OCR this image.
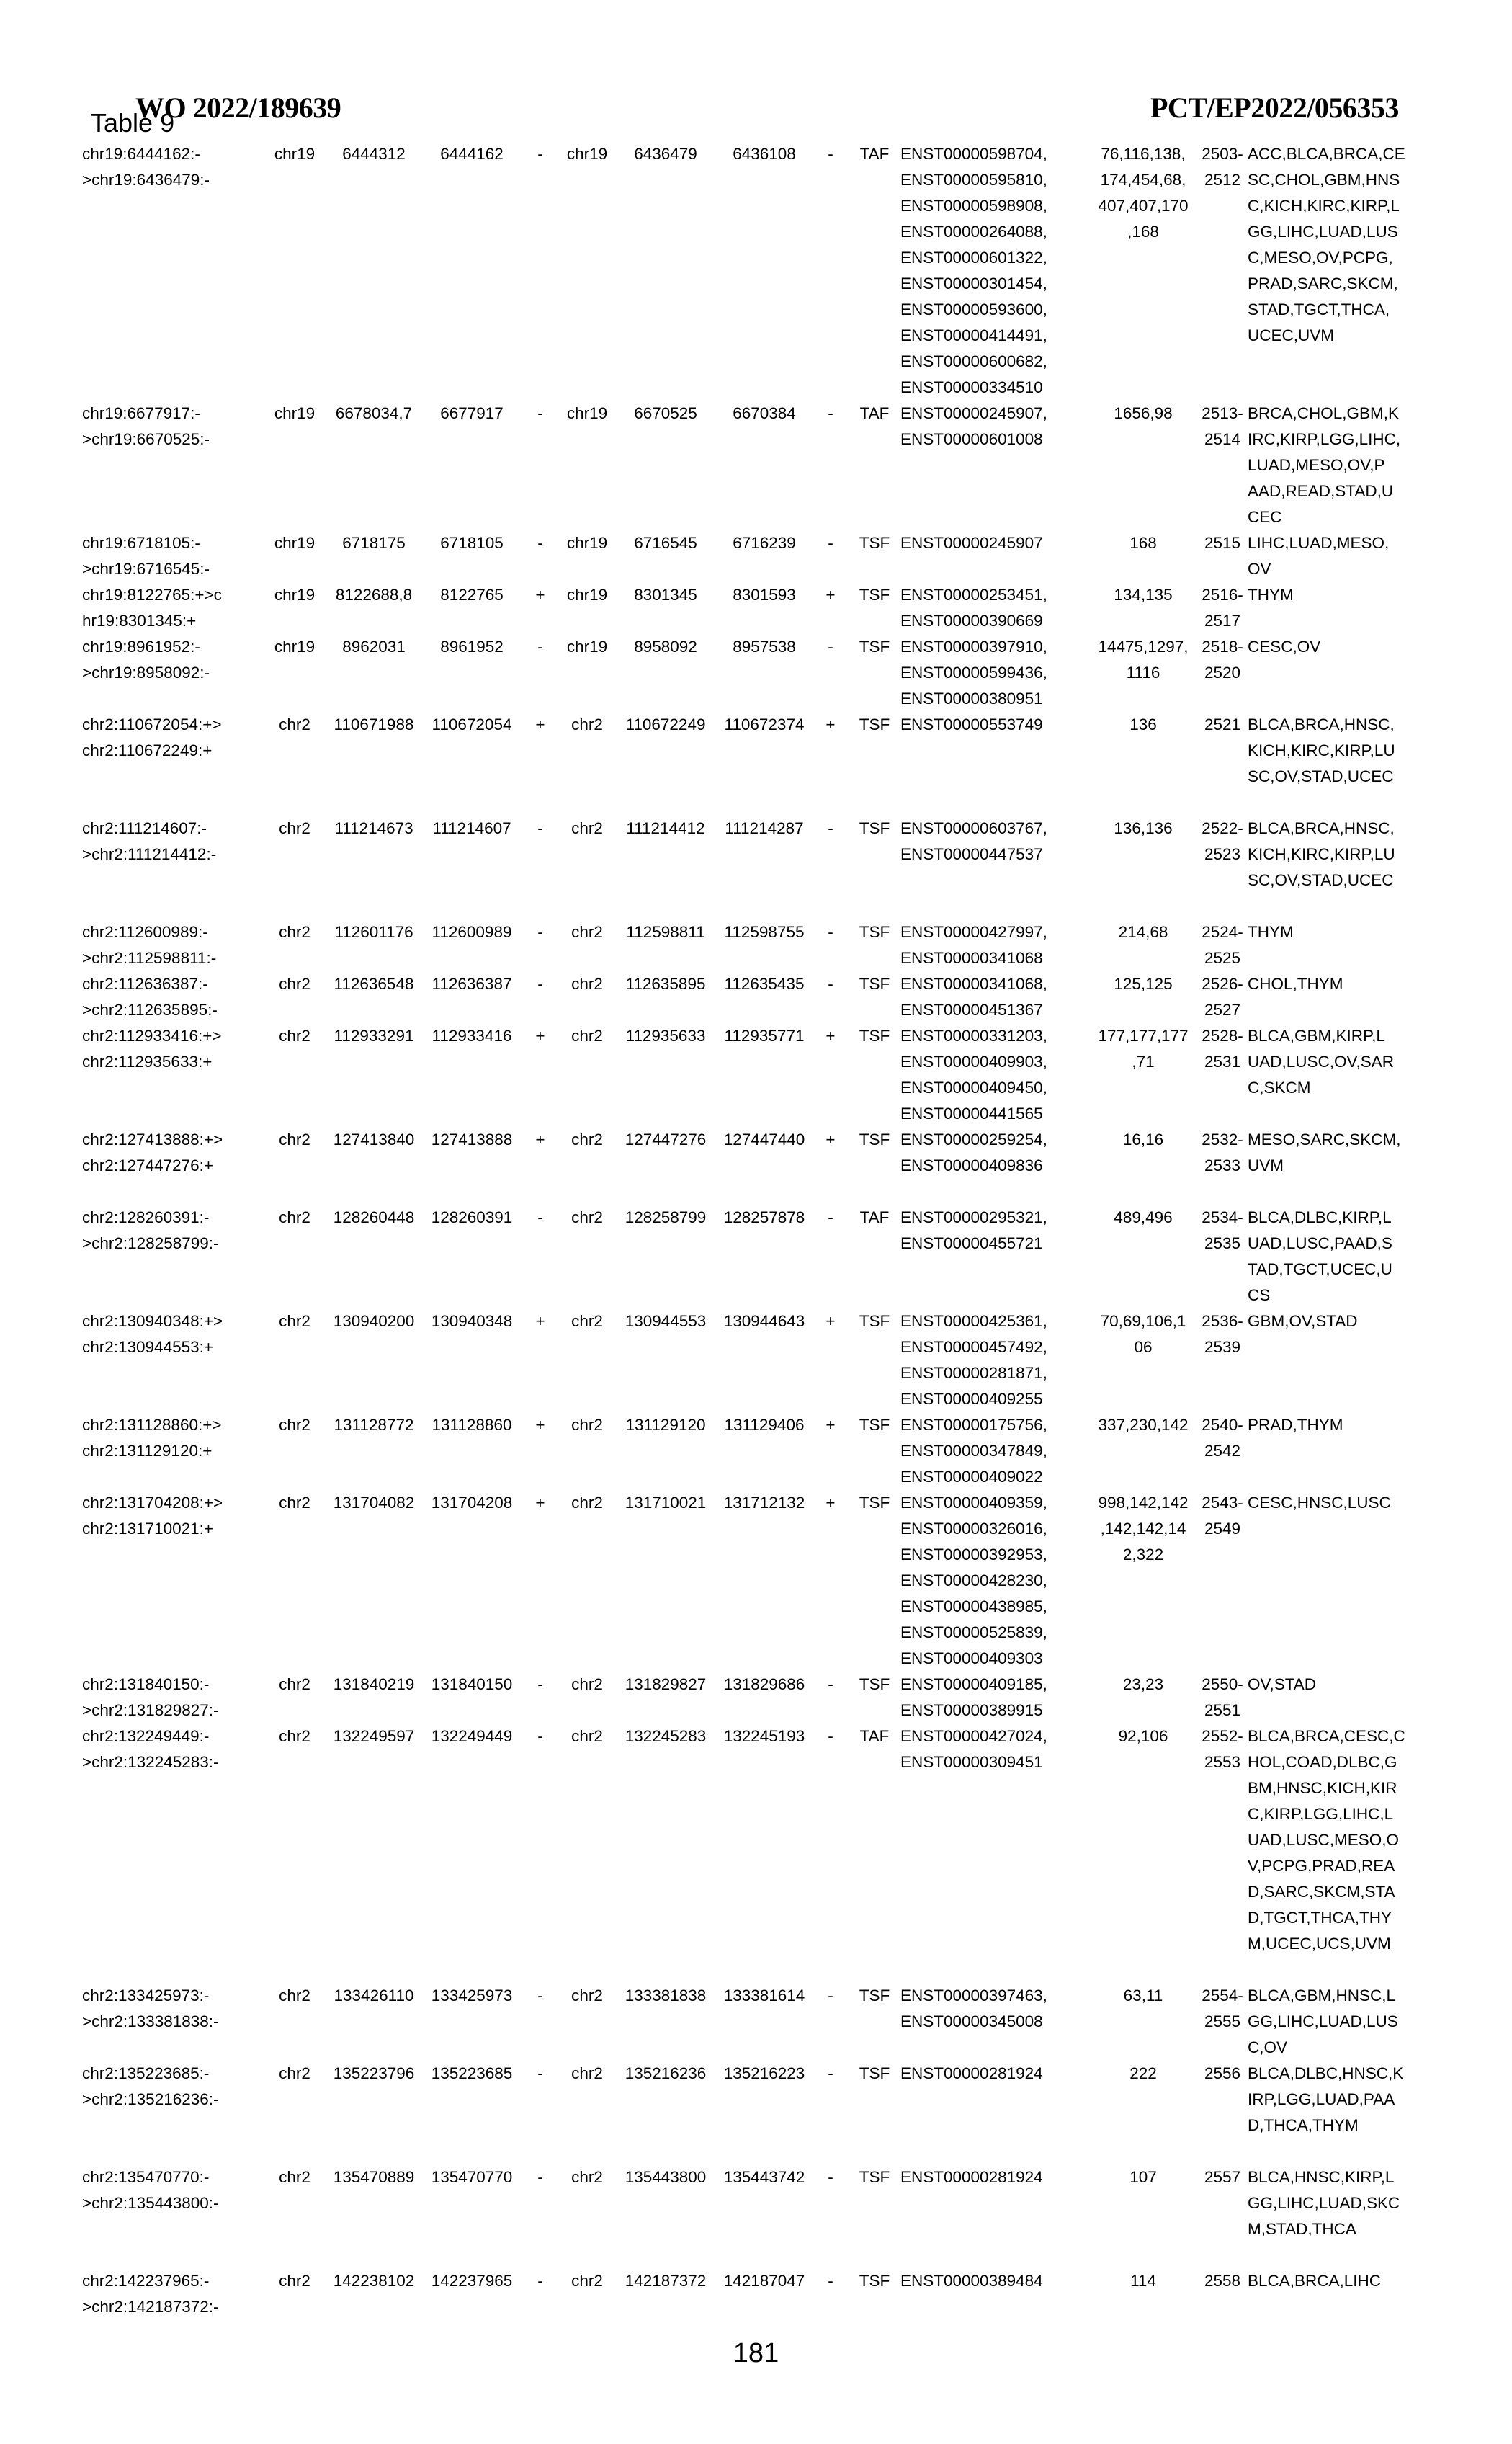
WO 2022/189639	PCT/EP2022/056353
Table 9
chr19:6444162:-
>chr19:6436479:-	chr19	6444312	6444162	-	chr19	6436479	6436108	-	TAF	ENST00000598704,
ENST00000595810,
ENST00000598908,
ENST00000264088,
ENST00000601322,
ENST00000301454,
ENST00000593600,
ENST00000414491,
ENST00000600682,
ENST00000334510	76,116,138,
174,454,68,
407,407,170
,168	2503-
2512	ACC,BLCA,BRCA,CE
SC,CHOL,GBM,HNS
C,KICH,KIRC,KIRP,L
GG,LIHC,LUAD,LUS
C,MESO,OV,PCPG,
PRAD,SARC,SKCM,
STAD,TGCT,THCA,
UCEC,UVM
chr19:6677917:-
>chr19:6670525:-	chr19	6678034,7	6677917	-	chr19	6670525	6670384	-	TAF	ENST00000245907,
ENST00000601008	1656,98	2513-
2514	BRCA,CHOL,GBM,K
IRC,KIRP,LGG,LIHC,
LUAD,MESO,OV,P
AAD,READ,STAD,U
CEC
chr19:6718105:-
>chr19:6716545:-	chr19	6718175	6718105	-	chr19	6716545	6716239	-	TSF	ENST00000245907	168	2515	LIHC,LUAD,MESO,
OV
chr19:8122765:+>c
hr19:8301345:+	chr19	8122688,8	8122765	+	chr19	8301345	8301593	+	TSF	ENST00000253451,
ENST00000390669	134,135	2516-
2517	THYM
chr19:8961952:-
>chr19:8958092:-	chr19	8962031	8961952	-	chr19	8958092	8957538	-	TSF	ENST00000397910,
ENST00000599436,
ENST00000380951	14475,1297,
1116	2518-
2520	CESC,OV
chr2:110672054:+>
chr2:110672249:+	chr2	110671988	110672054	+	chr2	110672249	110672374	+	TSF	ENST00000553749	136	2521	BLCA,BRCA,HNSC,
KICH,KIRC,KIRP,LU
SC,OV,STAD,UCEC
chr2:111214607:-
>chr2:111214412:-	chr2	111214673	111214607	-	chr2	111214412	111214287	-	TSF	ENST00000603767,
ENST00000447537	136,136	2522-
2523	BLCA,BRCA,HNSC,
KICH,KIRC,KIRP,LU
SC,OV,STAD,UCEC
chr2:112600989:-
>chr2:112598811:-	chr2	112601176	112600989	-	chr2	112598811	112598755	-	TSF	ENST00000427997,
ENST00000341068	214,68	2524-
2525	THYM
chr2:112636387:-
>chr2:112635895:-	chr2	112636548	112636387	-	chr2	112635895	112635435	-	TSF	ENST00000341068,
ENST00000451367	125,125	2526-
2527	CHOL,THYM
chr2:112933416:+>
chr2:112935633:+	chr2	112933291	112933416	+	chr2	112935633	112935771	+	TSF	ENST00000331203,
ENST00000409903,
ENST00000409450,
ENST00000441565	177,177,177
,71	2528-
2531	BLCA,GBM,KIRP,L
UAD,LUSC,OV,SAR
C,SKCM
chr2:127413888:+>
chr2:127447276:+	chr2	127413840	127413888	+	chr2	127447276	127447440	+	TSF	ENST00000259254,
ENST00000409836	16,16	2532-
2533	MESO,SARC,SKCM,
UVM
chr2:128260391:-
>chr2:128258799:-	chr2	128260448	128260391	-	chr2	128258799	128257878	-	TAF	ENST00000295321,
ENST00000455721	489,496	2534-
2535	BLCA,DLBC,KIRP,L
UAD,LUSC,PAAD,S
TAD,TGCT,UCEC,U
CS
chr2:130940348:+>
chr2:130944553:+	chr2	130940200	130940348	+	chr2	130944553	130944643	+	TSF	ENST00000425361,
ENST00000457492,
ENST00000281871,
ENST00000409255	70,69,106,1
06	2536-
2539	GBM,OV,STAD
chr2:131128860:+>
chr2:131129120:+	chr2	131128772	131128860	+	chr2	131129120	131129406	+	TSF	ENST00000175756,
ENST00000347849,
ENST00000409022	337,230,142	2540-
2542	PRAD,THYM
chr2:131704208:+>
chr2:131710021:+	chr2	131704082	131704208	+	chr2	131710021	131712132	+	TSF	ENST00000409359,
ENST00000326016,
ENST00000392953,
ENST00000428230,
ENST00000438985,
ENST00000525839,
ENST00000409303	998,142,142
,142,142,14
2,322	2543-
2549	CESC,HNSC,LUSC
chr2:131840150:-
>chr2:131829827:-	chr2	131840219	131840150	-	chr2	131829827	131829686	-	TSF	ENST00000409185,
ENST00000389915	23,23	2550-
2551	OV,STAD
chr2:132249449:-
>chr2:132245283:-	chr2	132249597	132249449	-	chr2	132245283	132245193	-	TAF	ENST00000427024,
ENST00000309451	92,106	2552-
2553	BLCA,BRCA,CESC,C
HOL,COAD,DLBC,G
BM,HNSC,KICH,KIR
C,KIRP,LGG,LIHC,L
UAD,LUSC,MESO,O
V,PCPG,PRAD,REA
D,SARC,SKCM,STA
D,TGCT,THCA,THY
M,UCEC,UCS,UVM
chr2:133425973:-
>chr2:133381838:-	chr2	133426110	133425973	-	chr2	133381838	133381614	-	TSF	ENST00000397463,
ENST00000345008	63,11	2554-
2555	BLCA,GBM,HNSC,L
GG,LIHC,LUAD,LUS
C,OV
chr2:135223685:-
>chr2:135216236:-	chr2	135223796	135223685	-	chr2	135216236	135216223	-	TSF	ENST00000281924	222	2556	BLCA,DLBC,HNSC,K
IRP,LGG,LUAD,PAA
D,THCA,THYM
chr2:135470770:-
>chr2:135443800:-	chr2	135470889	135470770	-	chr2	135443800	135443742	-	TSF	ENST00000281924	107	2557	BLCA,HNSC,KIRP,L
GG,LIHC,LUAD,SKC
M,STAD,THCA
chr2:142237965:-
>chr2:142187372:-	chr2	142238102	142237965	-	chr2	142187372	142187047	-	TSF	ENST00000389484	114	2558	BLCA,BRCA,LIHC
181
